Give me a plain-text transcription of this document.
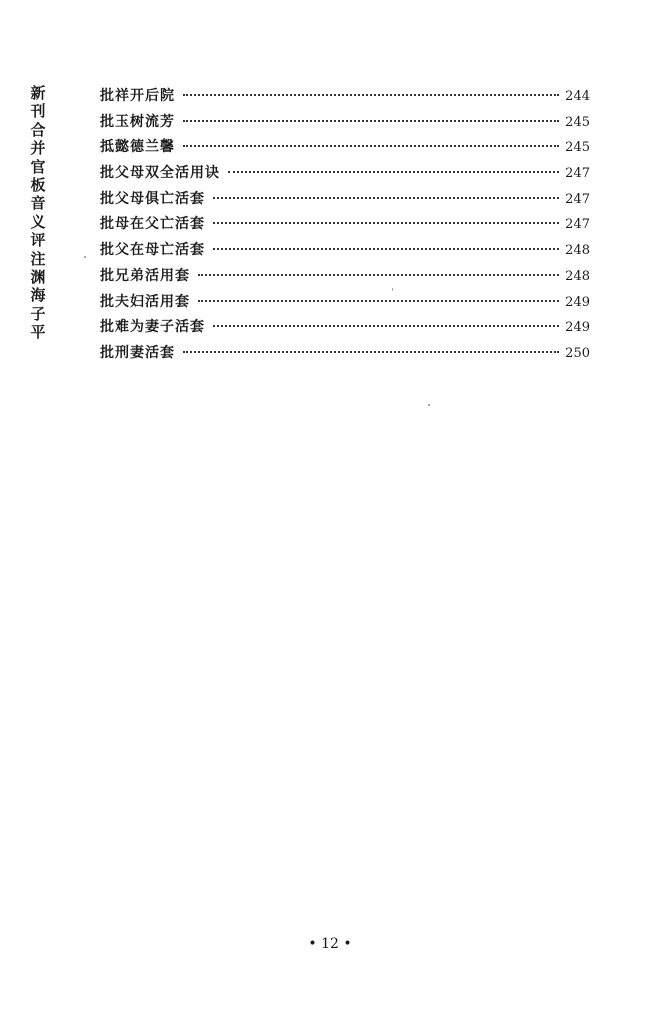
新刊合并官板音义评注渊海子平
批祥开后院	244
批玉树流芳	245
抵懿德兰馨	245
批父母双全活用诀	247
批父母俱亡活套	247
批母在父亡活套	247
批父在母亡活套	248
批兄弟活用套	248
批夫妇活用套	249
批难为妻子活套	249
批刑妻活套	250
• 12 •
